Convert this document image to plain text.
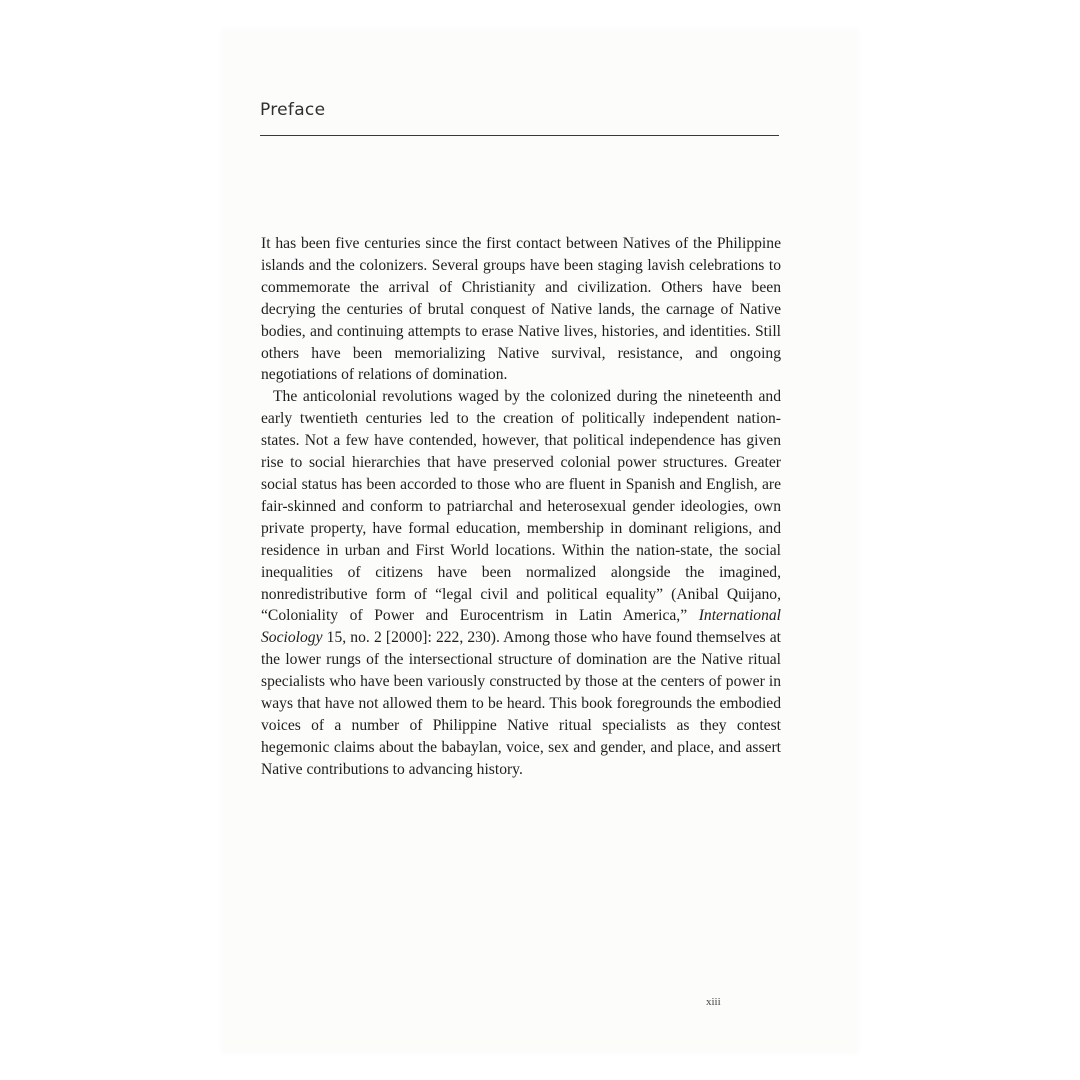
Preface

It has been five centuries since the first contact between Natives of the Philippine islands and the colonizers. Several groups have been staging lavish celebrations to commemorate the arrival of Christianity and civilization. Others have been decrying the centuries of brutal conquest of Native lands, the carnage of Native bodies, and continuing attempts to erase Native lives, histories, and identities. Still others have been memorializing Native survival, resistance, and ongoing negotiations of relations of domination.

The anticolonial revolutions waged by the colonized during the nineteenth and early twentieth centuries led to the creation of politically independent nation-states. Not a few have contended, however, that political independence has given rise to social hierarchies that have preserved colonial power structures. Greater social status has been accorded to those who are fluent in Spanish and English, are fair-skinned and conform to patriarchal and heterosexual gender ideologies, own private property, have formal education, membership in dominant religions, and residence in urban and First World locations. Within the nation-state, the social inequalities of citizens have been normalized alongside the imagined, nonredistributive form of “legal civil and political equality” (Anibal Quijano, “Coloniality of Power and Eurocentrism in Latin America,” International Sociology 15, no. 2 [2000]: 222, 230). Among those who have found themselves at the lower rungs of the intersectional structure of domination are the Native ritual specialists who have been variously constructed by those at the centers of power in ways that have not allowed them to be heard. This book foregrounds the embodied voices of a number of Philippine Native ritual specialists as they contest hegemonic claims about the babaylan, voice, sex and gender, and place, and assert Native contributions to advancing history.

xiii
